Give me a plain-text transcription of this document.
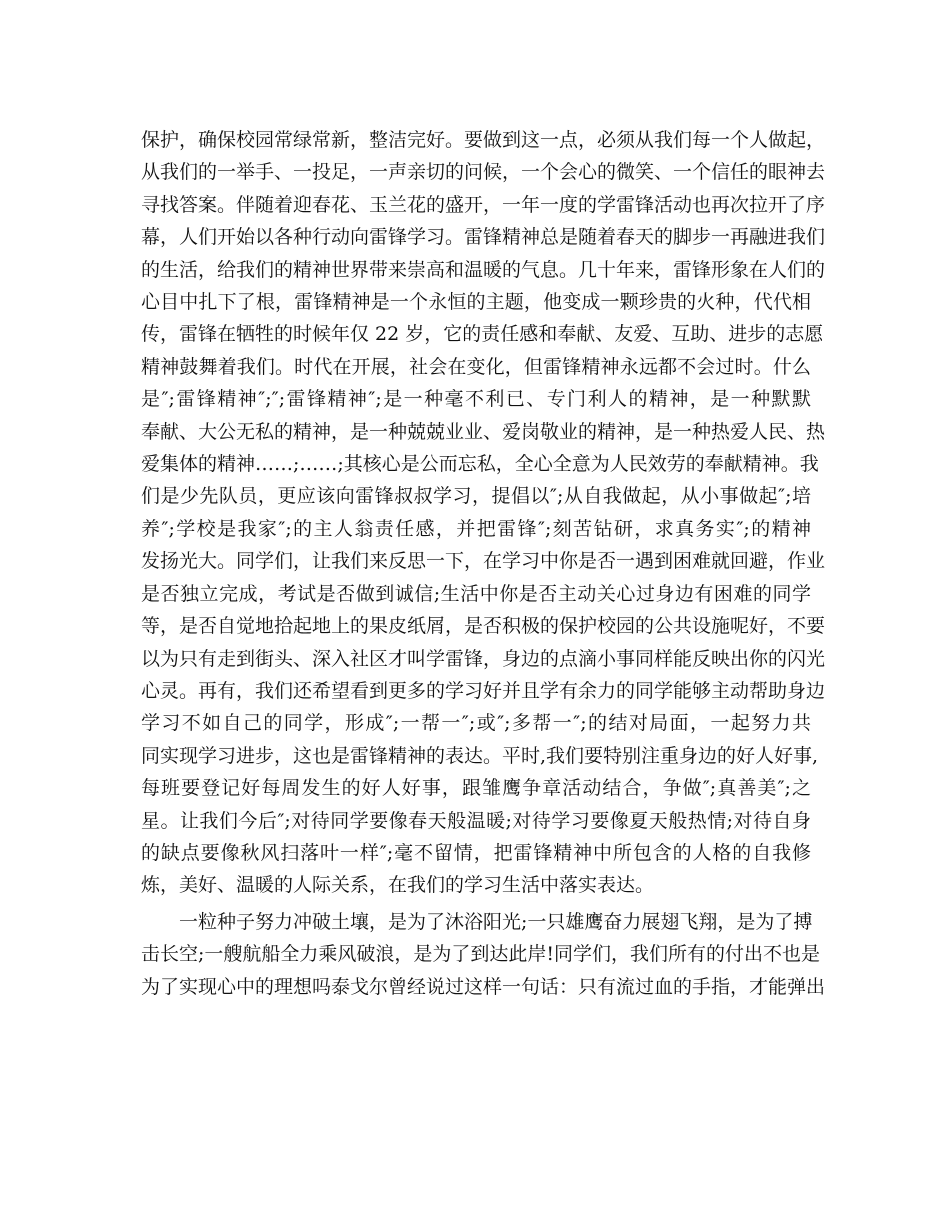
保护，确保校园常绿常新，整洁完好。要做到这一点，必须从我们每一个人做起，
从我们的一举手、一投足，一声亲切的问候，一个会心的微笑、一个信任的眼神去
寻找答案。伴随着迎春花、玉兰花的盛开，一年一度的学雷锋活动也再次拉开了序
幕，人们开始以各种行动向雷锋学习。雷锋精神总是随着春天的脚步一再融进我们
的生活，给我们的精神世界带来崇高和温暖的气息。几十年来，雷锋形象在人们的
心目中扎下了根，雷锋精神是一个永恒的主题，他变成一颗珍贵的火种，代代相
传，雷锋在牺牲的时候年仅 22 岁，它的责任感和奉献、友爱、互助、进步的志愿
精神鼓舞着我们。时代在开展，社会在变化，但雷锋精神永远都不会过时。什么
是″;雷锋精神″;″;雷锋精神″;是一种毫不利已、专门利人的精神，是一种默默
奉献、大公无私的精神，是一种兢兢业业、爱岗敬业的精神，是一种热爱人民、热
爱集体的精神……;……;其核心是公而忘私，全心全意为人民效劳的奉献精神。我
们是少先队员，更应该向雷锋叔叔学习，提倡以″;从自我做起，从小事做起″;培
养″;学校是我家″;的主人翁责任感，并把雷锋″;刻苦钻研，求真务实″;的精神
发扬光大。同学们，让我们来反思一下，在学习中你是否一遇到困难就回避，作业
是否独立完成，考试是否做到诚信;生活中你是否主动关心过身边有困难的同学
等，是否自觉地拾起地上的果皮纸屑，是否积极的保护校园的公共设施呢好，不要
以为只有走到街头、深入社区才叫学雷锋，身边的点滴小事同样能反映出你的闪光
心灵。再有，我们还希望看到更多的学习好并且学有余力的同学能够主动帮助身边
学习不如自己的同学，形成″;一帮一″;或″;多帮一″;的结对局面，一起努力共
同实现学习进步，这也是雷锋精神的表达。平时,我们要特别注重身边的好人好事,
每班要登记好每周发生的好人好事，跟雏鹰争章活动结合，争做″;真善美″;之
星。让我们今后″;对待同学要像春天般温暖;对待学习要像夏天般热情;对待自身
的缺点要像秋风扫落叶一样″;毫不留情，把雷锋精神中所包含的人格的自我修
炼，美好、温暖的人际关系，在我们的学习生活中落实表达。
一粒种子努力冲破土壤，是为了沐浴阳光;一只雄鹰奋力展翅飞翔，是为了搏
击长空;一艘航船全力乘风破浪，是为了到达此岸!同学们，我们所有的付出不也是
为了实现心中的理想吗泰戈尔曾经说过这样一句话：只有流过血的手指，才能弹出
